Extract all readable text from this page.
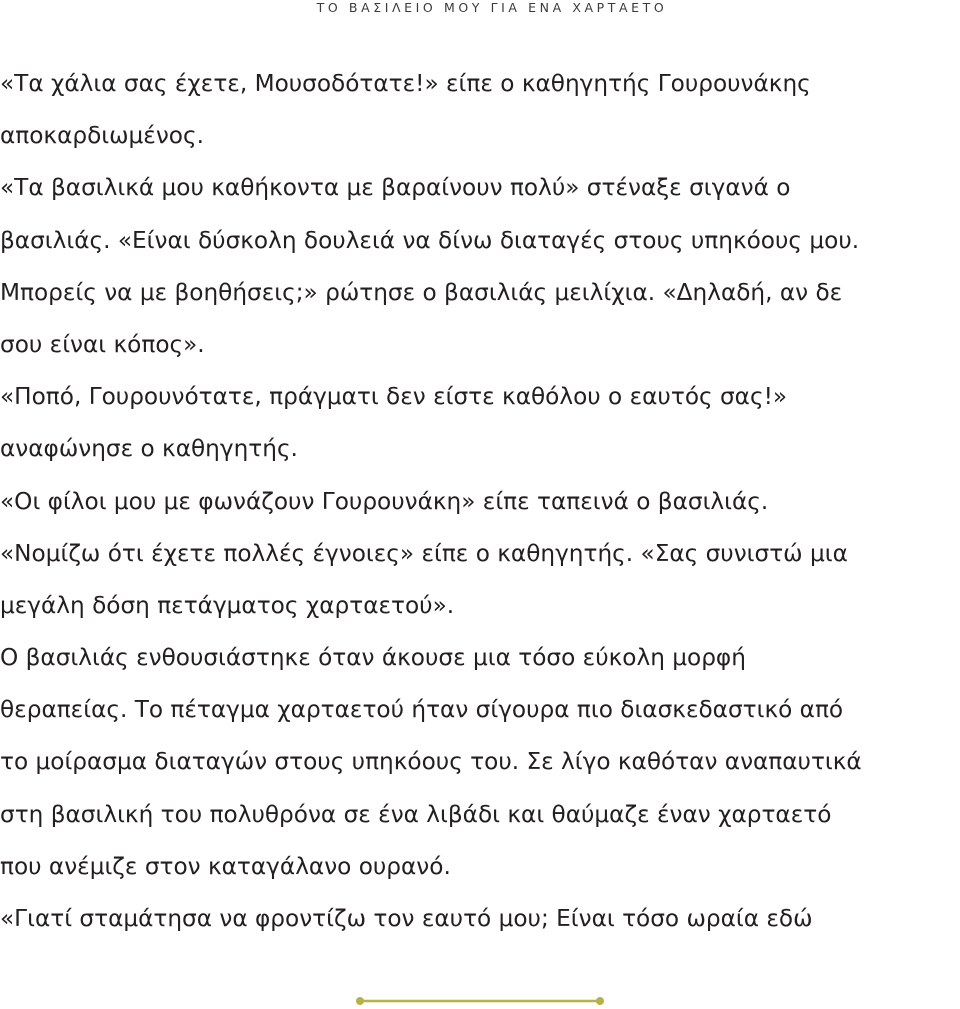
ΤΟ ΒΑΣΙΛΕΙΟ ΜΟΥ ΓΙΑ ΕΝΑ ΧΑΡΤΑΕΤΟ
«Τα χάλια σας έχετε, Μουσοδότατε!» είπε ο καθηγητής Γουρουνάκης
αποκαρδιωμένος.
«Τα βασιλικά μου καθήκοντα με βαραίνουν πολύ» στέναξε σιγανά ο
βασιλιάς. «Είναι δύσκολη δουλειά να δίνω διαταγές στους υπηκόους μου.
Μπορείς να με βοηθήσεις;» ρώτησε ο βασιλιάς μειλίχια. «Δηλαδή, αν δε
σου είναι κόπος».
«Ποπό, Γουρουνότατε, πράγματι δεν είστε καθόλου ο εαυτός σας!»
αναφώνησε ο καθηγητής.
«Οι φίλοι μου με φωνάζουν Γουρουνάκη» είπε ταπεινά ο βασιλιάς.
«Νομίζω ότι έχετε πολλές έγνοιες» είπε ο καθηγητής. «Σας συνιστώ μια
μεγάλη δόση πετάγματος χαρταετού».
Ο βασιλιάς ενθουσιάστηκε όταν άκουσε μια τόσο εύκολη μορφή
θεραπείας. Το πέταγμα χαρταετού ήταν σίγουρα πιο διασκεδαστικό από
το μοίρασμα διαταγών στους υπηκόους του. Σε λίγο καθόταν αναπαυτικά
στη βασιλική του πολυθρόνα σε ένα λιβάδι και θαύμαζε έναν χαρταετό
που ανέμιζε στον καταγάλανο ουρανό.
«Γιατί σταμάτησα να φροντίζω τον εαυτό μου; Είναι τόσο ωραία εδώ
